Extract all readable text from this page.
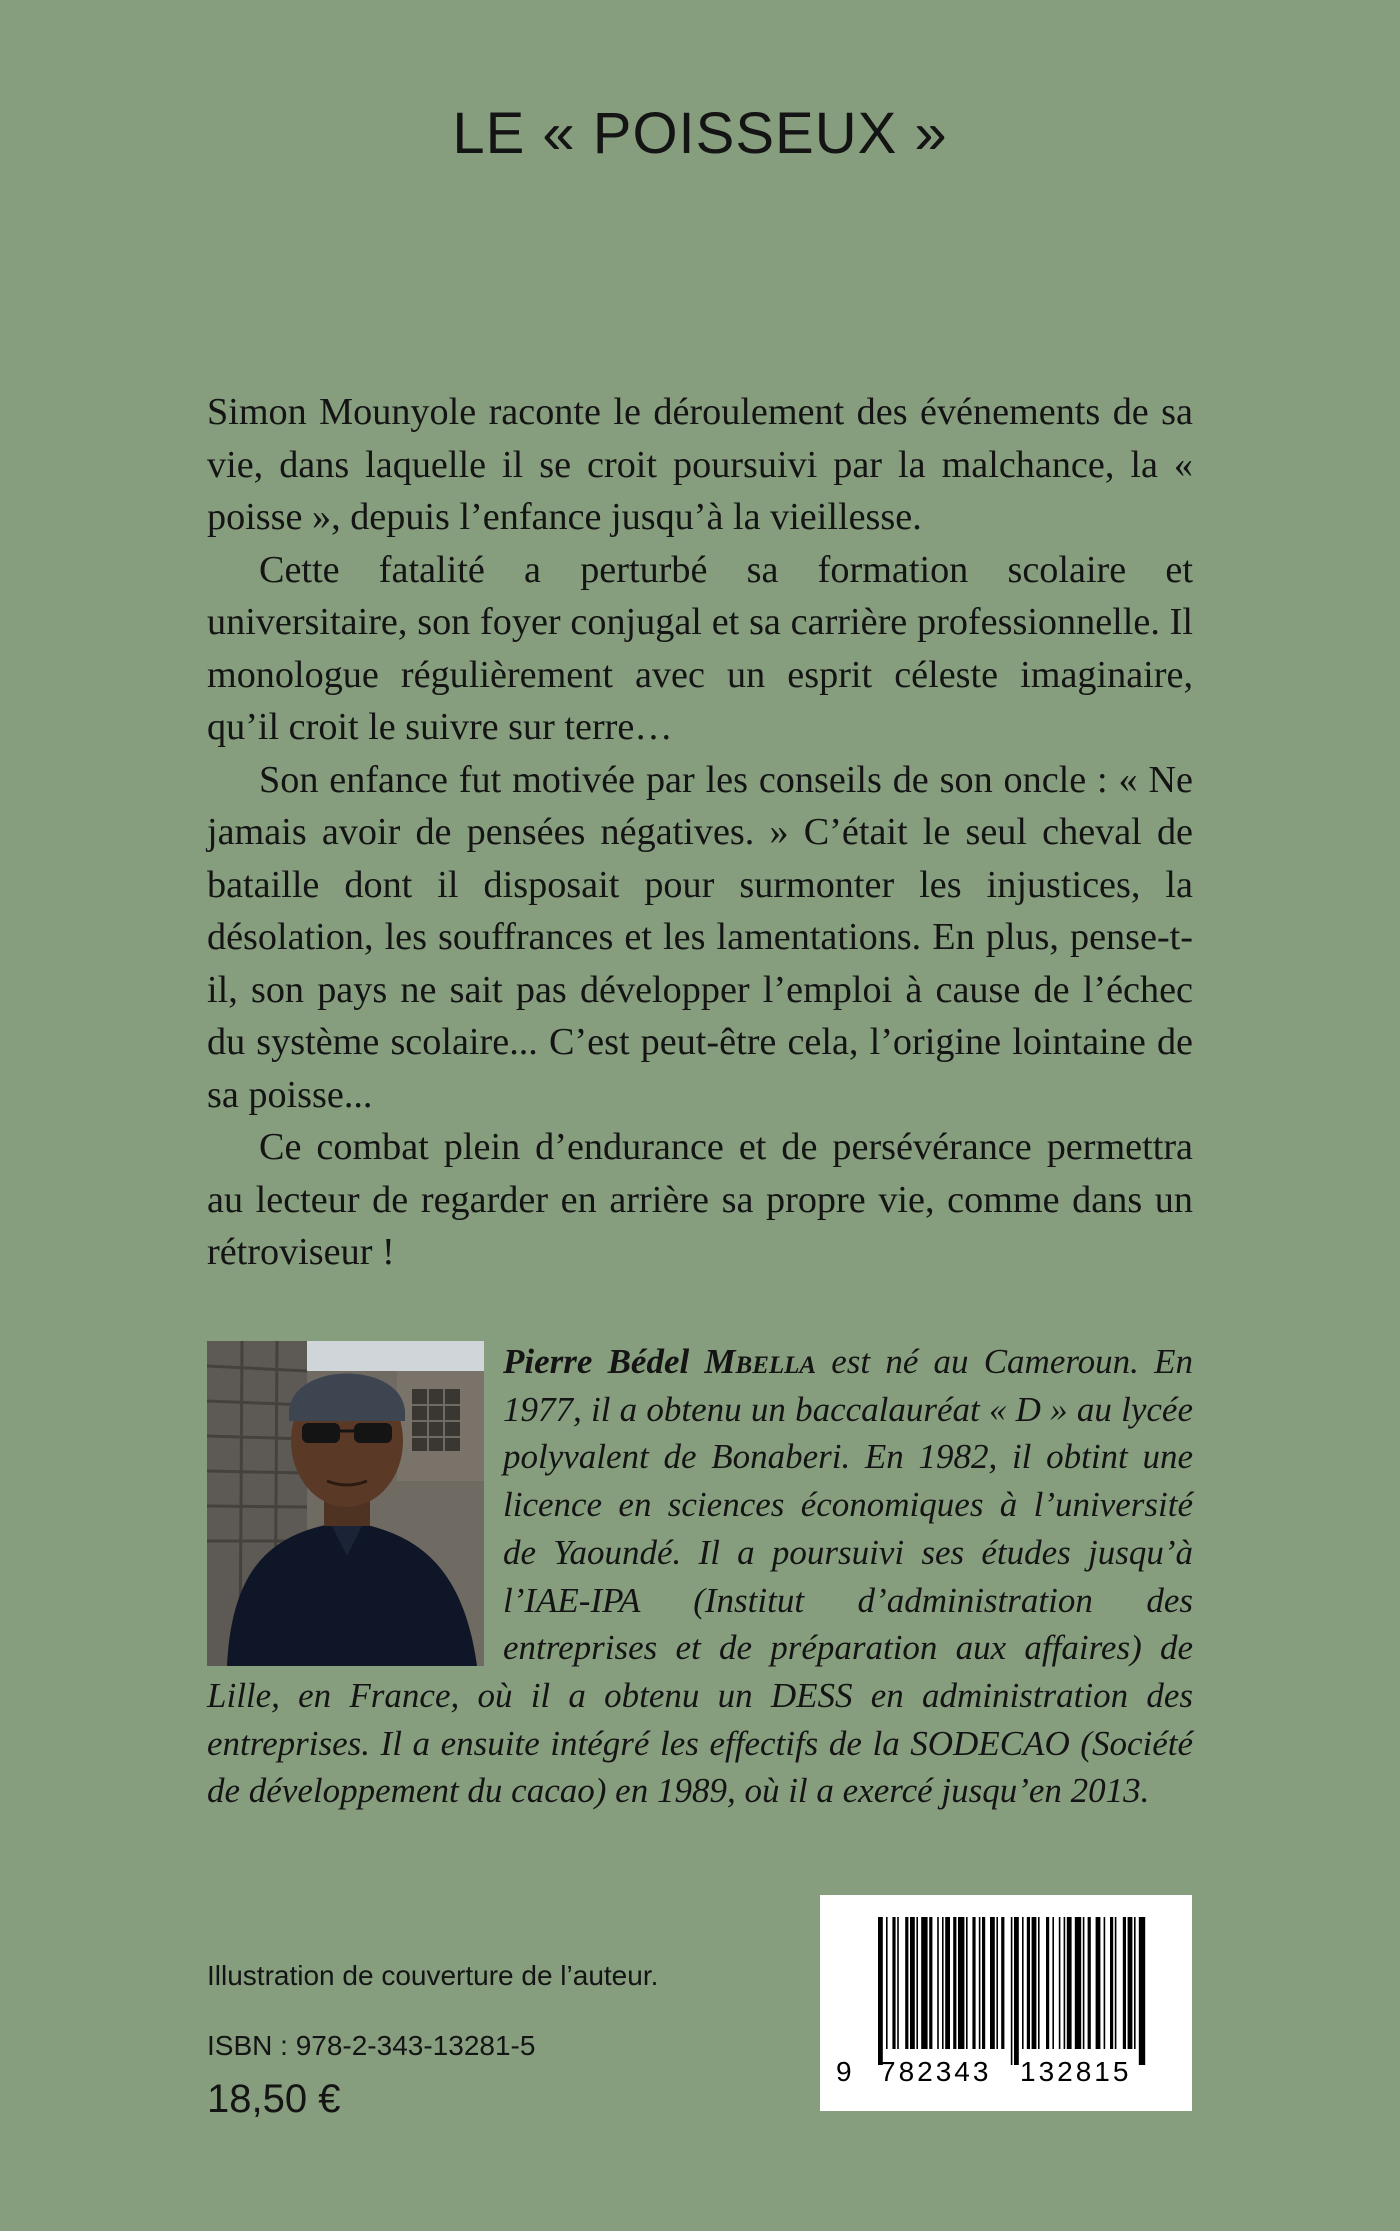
LE « POISSEUX »

Simon Mounyole raconte le déroulement des événements de sa vie, dans laquelle il se croit poursuivi par la malchance, la « poisse », depuis l’enfance jusqu’à la vieillesse.

Cette fatalité a perturbé sa formation scolaire et universitaire, son foyer conjugal et sa carrière professionnelle. Il monologue régulièrement avec un esprit céleste imaginaire, qu’il croit le suivre sur terre…

Son enfance fut motivée par les conseils de son oncle : « Ne jamais avoir de pensées négatives. » C’était le seul cheval de bataille dont il disposait pour surmonter les injustices, la désolation, les souffrances et les lamentations. En plus, pense-t-il, son pays ne sait pas développer l’emploi à cause de l’échec du système scolaire... C’est peut-être cela, l’origine lointaine de sa poisse...

Ce combat plein d’endurance et de persévérance permettra au lecteur de regarder en arrière sa propre vie, comme dans un rétroviseur !

Pierre Bédel Mbella est né au Cameroun. En 1977, il a obtenu un baccalauréat « D » au lycée polyvalent de Bonaberi. En 1982, il obtint une licence en sciences économiques à l’université de Yaoundé. Il a poursuivi ses études jusqu’à l’IAE-IPA (Institut d’administration des entreprises et de préparation aux affaires) de Lille, en France, où il a obtenu un DESS en administration des entreprises. Il a ensuite intégré les effectifs de la SODECAO (Société de développement du cacao) en 1989, où il a exercé jusqu’en 2013.
Illustration de couverture de l’auteur.
ISBN : 978-2-343-13281-5
18,50 €
9 782343 132815
